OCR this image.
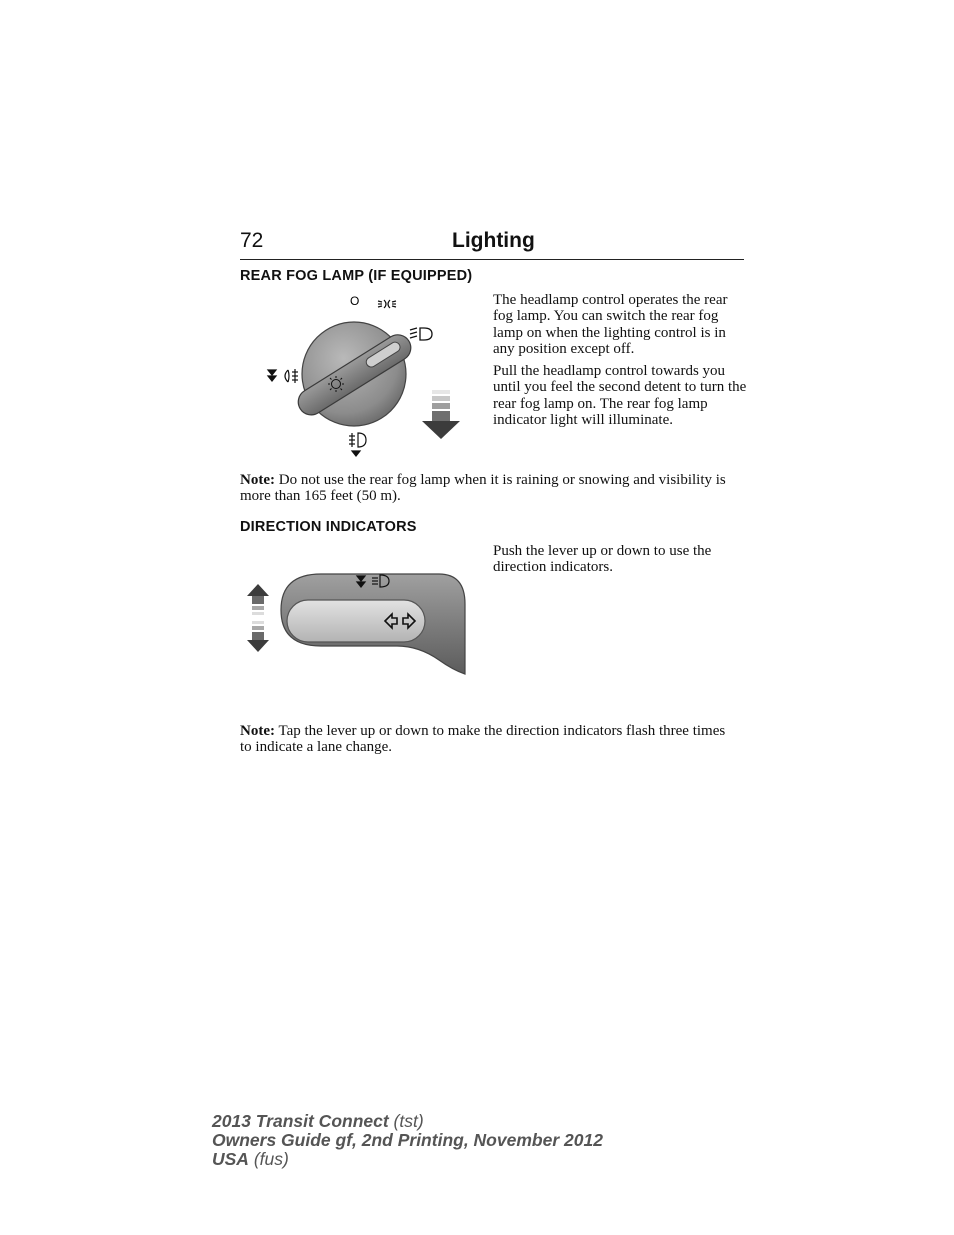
72	Lighting
REAR FOG LAMP (IF EQUIPPED)
O	The headlamp control operates the rear fog lamp. You can switch the rear fog lamp on when the lighting control is in any position except off.

Pull the headlamp control towards you until you feel the second detent to turn the rear fog lamp on. The rear fog lamp indicator light will illuminate.

Note: Do not use the rear fog lamp when it is raining or snowing and visibility is more than 165 feet (50 m).

DIRECTION INDICATORS

Push the lever up or down to use the direction indicators.

Note: Tap the lever up or down to make the direction indicators flash three times to indicate a lane change.

2013 Transit Connect (tst)
Owners Guide gf, 2nd Printing, November 2012
USA (fus)
